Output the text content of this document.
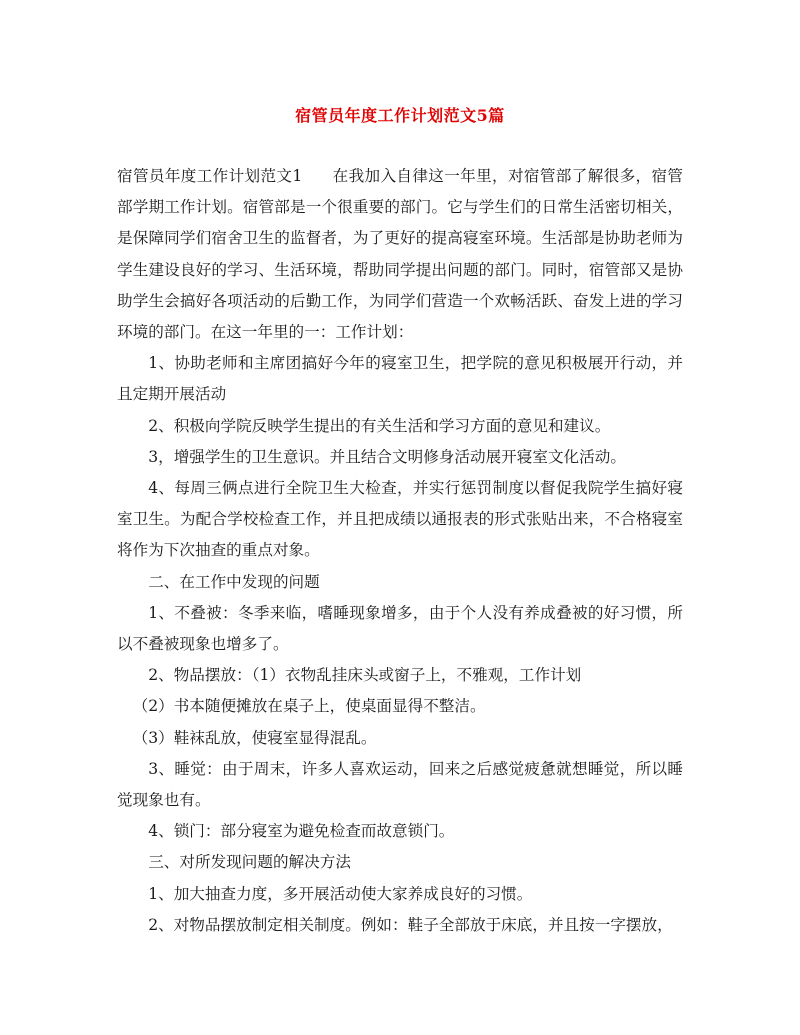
宿管员年度工作计划范文5篇

宿管员年度工作计划范文1 在我加入自律这一年里，对宿管部了解很多，宿管部学期工作计划。宿管部是一个很重要的部门。它与学生们的日常生活密切相关，是保障同学们宿舍卫生的监督者，为了更好的提高寝室环境。生活部是协助老师为学生建设良好的学习、生活环境，帮助同学提出问题的部门。同时，宿管部又是协助学生会搞好各项活动的后勤工作，为同学们营造一个欢畅活跃、奋发上进的学习环境的部门。在这一年里的一：工作计划：

1、协助老师和主席团搞好今年的寝室卫生，把学院的意见积极展开行动，并且定期开展活动

2、积极向学院反映学生提出的有关生活和学习方面的意见和建议。

3，增强学生的卫生意识。并且结合文明修身活动展开寝室文化活动。

4、每周三俩点进行全院卫生大检查，并实行惩罚制度以督促我院学生搞好寝室卫生。为配合学校检查工作，并且把成绩以通报表的形式张贴出来，不合格寝室将作为下次抽查的重点对象。

二、在工作中发现的问题

1、不叠被：冬季来临，嗜睡现象增多，由于个人没有养成叠被的好习惯，所以不叠被现象也增多了。

2、物品摆放：（1）衣物乱挂床头或窗子上，不雅观，工作计划

（2）书本随便摊放在桌子上，使桌面显得不整洁。

（3）鞋袜乱放，使寝室显得混乱。

3、睡觉：由于周末，许多人喜欢运动，回来之后感觉疲惫就想睡觉，所以睡觉现象也有。

4、锁门：部分寝室为避免检查而故意锁门。

三、对所发现问题的解决方法

1、加大抽查力度，多开展活动使大家养成良好的习惯。

2、对物品摆放制定相关制度。例如：鞋子全部放于床底，并且按一字摆放，
